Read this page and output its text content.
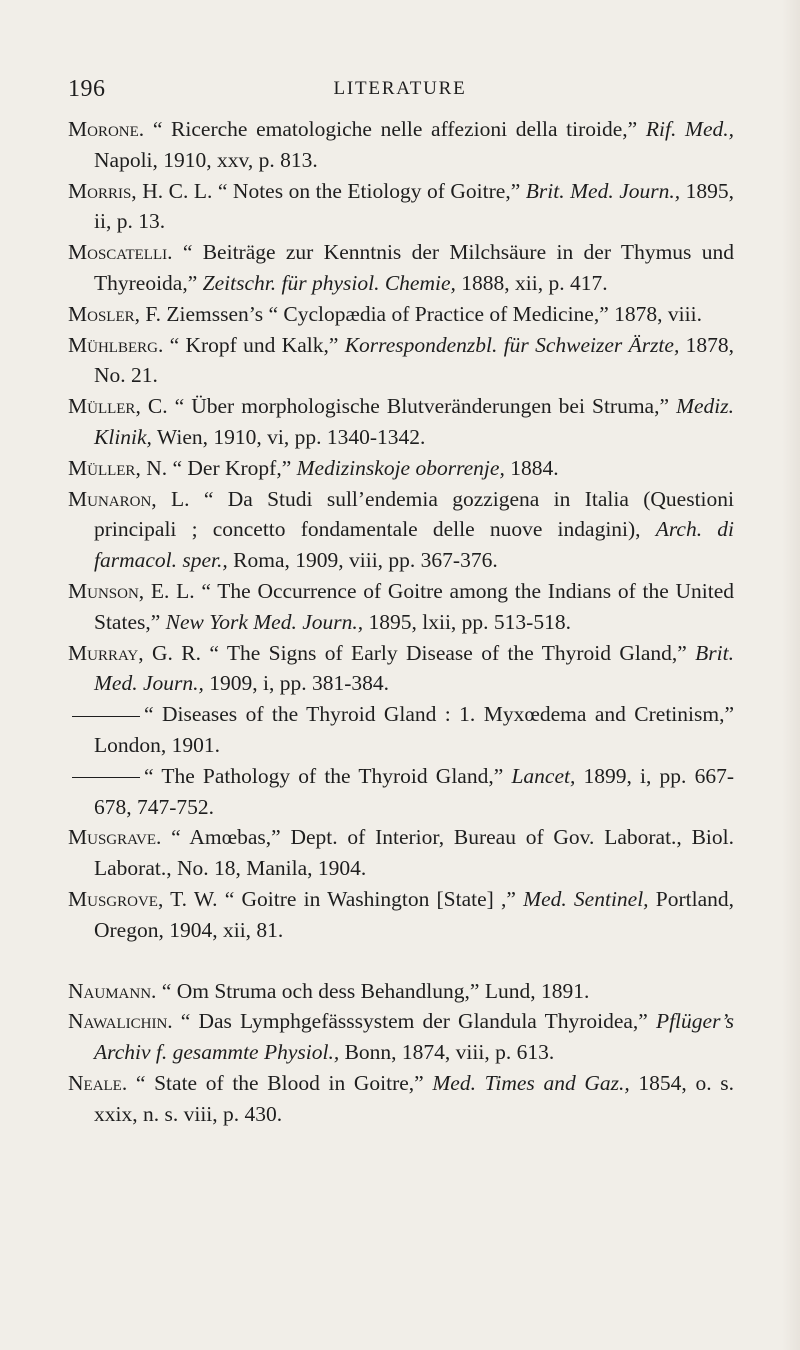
196	LITERATURE
Morone. “ Ricerche ematologiche nelle affezioni della tiroide,” Rif. Med., Napoli, 1910, xxv, p. 813.
Morris, H. C. L. “ Notes on the Etiology of Goitre,” Brit. Med. Journ., 1895, ii, p. 13.
Moscatelli. “ Beiträge zur Kenntnis der Milchsäure in der Thymus und Thyreoida,” Zeitschr. für physiol. Chemie, 1888, xii, p. 417.
Mosler, F. Ziemssen’s “ Cyclopædia of Practice of Medicine,” 1878, viii.
Mühlberg. “ Kropf und Kalk,” Korrespondenzbl. für Schweizer Ärzte, 1878, No. 21.
Müller, C. “ Über morphologische Blutveränderungen bei Struma,” Mediz. Klinik, Wien, 1910, vi, pp. 1340-1342.
Müller, N. “ Der Kropf,” Medizinskoje oborrenje, 1884.
Munaron, L. “ Da Studi sull’endemia gozzigena in Italia (Questioni principali ; concetto fondamentale delle nuove indagini), Arch. di farmacol. sper., Roma, 1909, viii, pp. 367-376.
Munson, E. L. “ The Occurrence of Goitre among the Indians of the United States,” New York Med. Journ., 1895, lxii, pp. 513-518.
Murray, G. R. “ The Signs of Early Disease of the Thyroid Gland,” Brit. Med. Journ., 1909, i, pp. 381-384.
“ Diseases of the Thyroid Gland : 1. Myxœdema and Cretinism,” London, 1901.
“ The Pathology of the Thyroid Gland,” Lancet, 1899, i, pp. 667-678, 747-752.
Musgrave. “ Amœbas,” Dept. of Interior, Bureau of Gov. Laborat., Biol. Laborat., No. 18, Manila, 1904.
Musgrove, T. W. “ Goitre in Washington [State] ,” Med. Sentinel, Portland, Oregon, 1904, xii, 81.
Naumann. “ Om Struma och dess Behandlung,” Lund, 1891.
Nawalichin. “ Das Lymphgefässsystem der Glandula Thyroidea,” Pflüger’s Archiv f. gesammte Physiol., Bonn, 1874, viii, p. 613.
Neale. “ State of the Blood in Goitre,” Med. Times and Gaz., 1854, o. s. xxix, n. s. viii, p. 430.
